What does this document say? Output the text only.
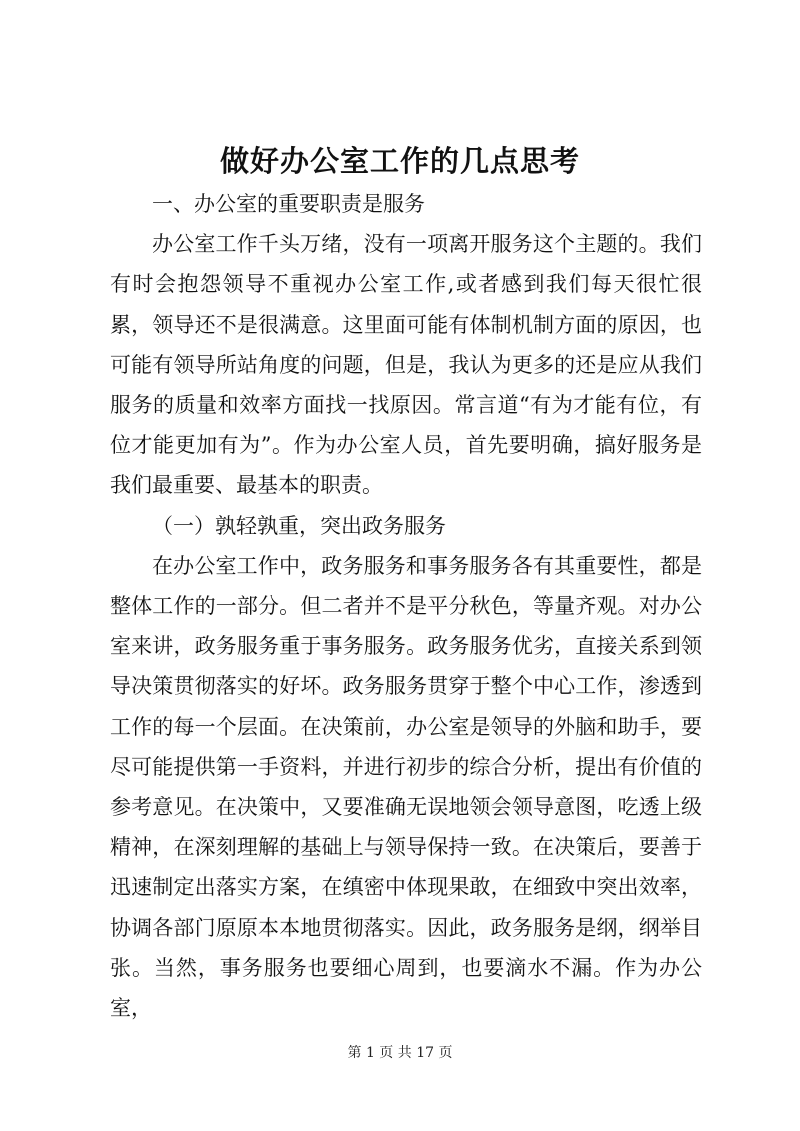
做好办公室工作的几点思考

一、办公室的重要职责是服务

办公室工作千头万绪，没有一项离开服务这个主题的。我们有时会抱怨领导不重视办公室工作,或者感到我们每天很忙很累，领导还不是很满意。这里面可能有体制机制方面的原因，也可能有领导所站角度的问题，但是，我认为更多的还是应从我们服务的质量和效率方面找一找原因。常言道“有为才能有位，有位才能更加有为”。作为办公室人员，首先要明确，搞好服务是我们最重要、最基本的职责。

（一）孰轻孰重，突出政务服务

在办公室工作中，政务服务和事务服务各有其重要性，都是整体工作的一部分。但二者并不是平分秋色，等量齐观。对办公室来讲，政务服务重于事务服务。政务服务优劣，直接关系到领导决策贯彻落实的好坏。政务服务贯穿于整个中心工作，渗透到工作的每一个层面。在决策前，办公室是领导的外脑和助手，要尽可能提供第一手资料，并进行初步的综合分析，提出有价值的参考意见。在决策中，又要准确无误地领会领导意图，吃透上级精神，在深刻理解的基础上与领导保持一致。在决策后，要善于迅速制定出落实方案，在缜密中体现果敢，在细致中突出效率，协调各部门原原本本地贯彻落实。因此，政务服务是纲，纲举目张。当然，事务服务也要细心周到，也要滴水不漏。作为办公室，

第 1 页 共 17 页
